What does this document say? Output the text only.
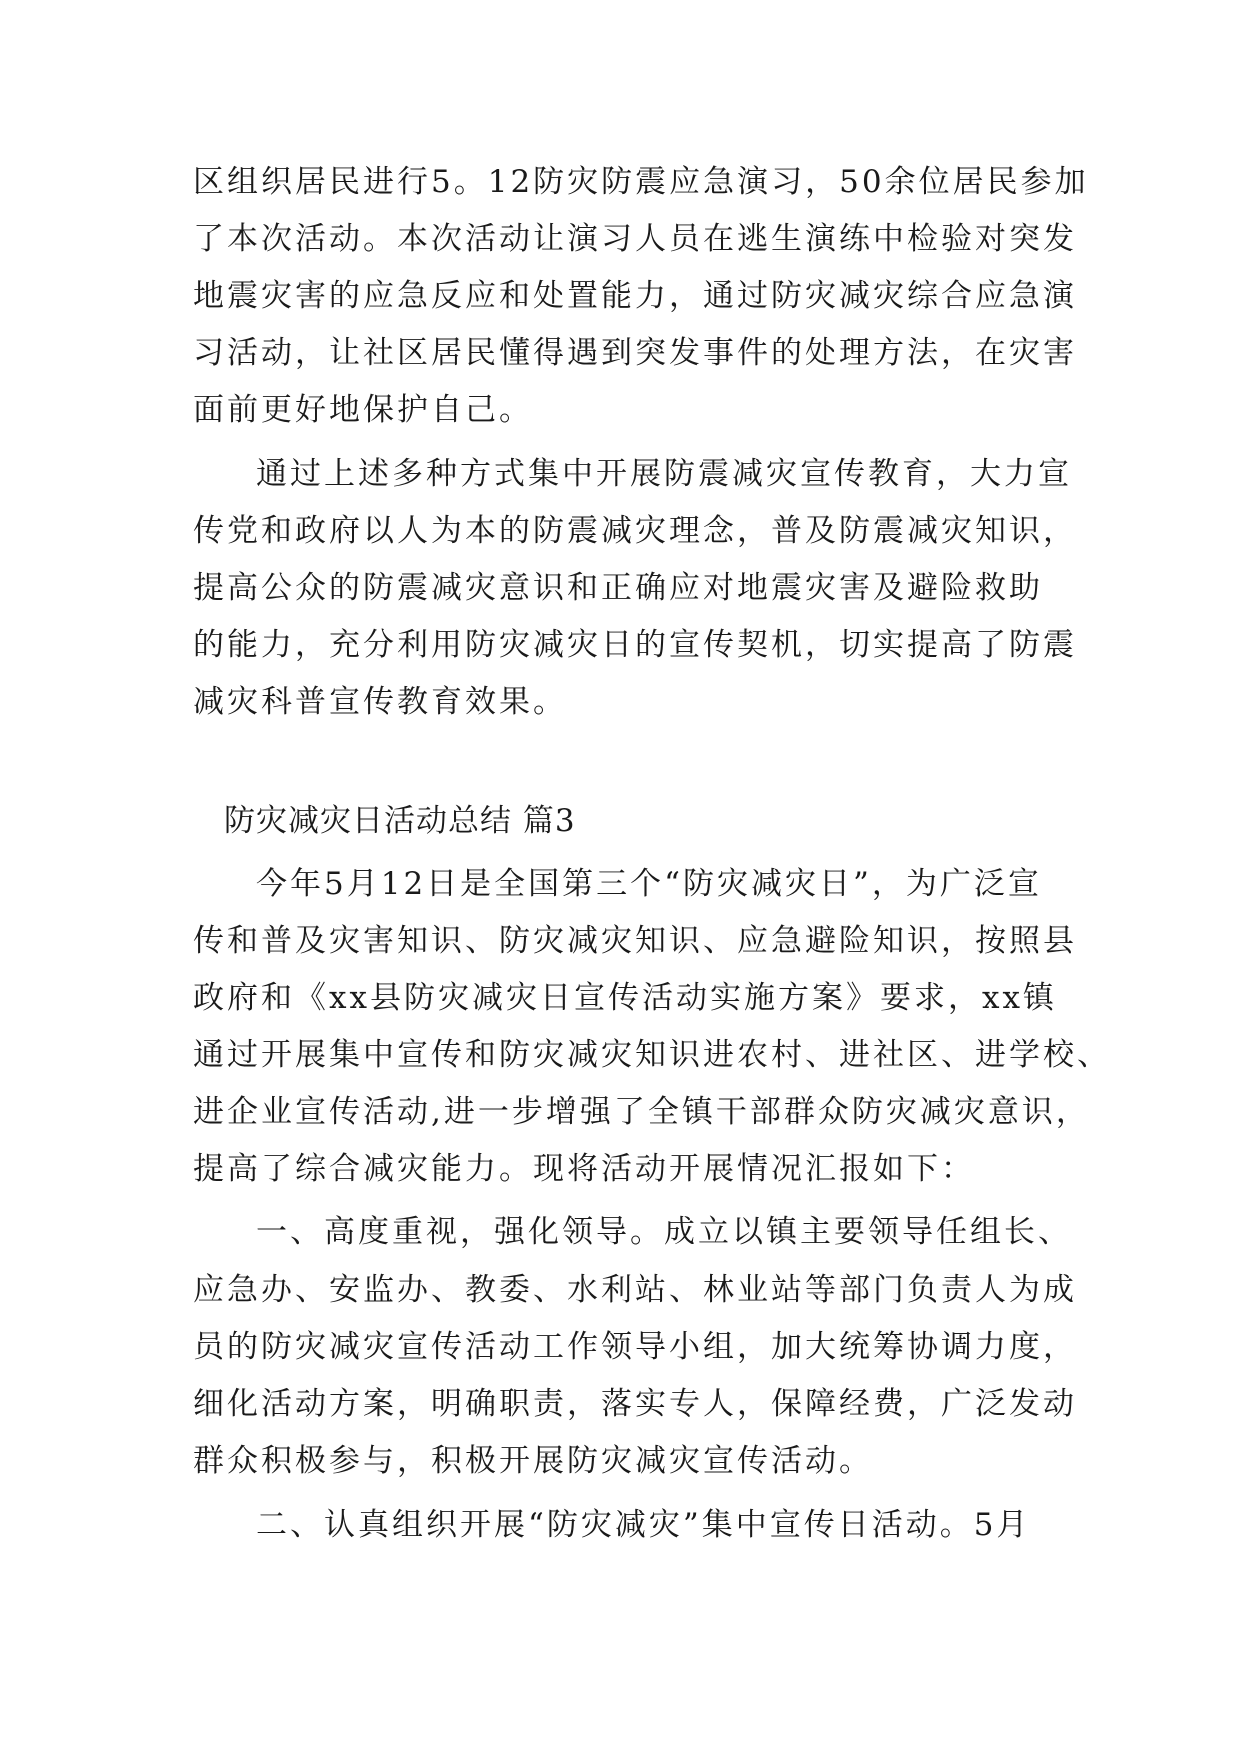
区组织居民进行5。12防灾防震应急演习，50余位居民参加
了本次活动。本次活动让演习人员在逃生演练中检验对突发
地震灾害的应急反应和处置能力，通过防灾减灾综合应急演
习活动，让社区居民懂得遇到突发事件的处理方法，在灾害
面前更好地保护自己。
通过上述多种方式集中开展防震减灾宣传教育，大力宣
传党和政府以人为本的防震减灾理念，普及防震减灾知识，
提高公众的防震减灾意识和正确应对地震灾害及避险救助
的能力，充分利用防灾减灾日的宣传契机，切实提高了防震
减灾科普宣传教育效果。
防灾减灾日活动总结 篇3
今年5月12日是全国第三个“防灾减灾日”，为广泛宣
传和普及灾害知识、防灾减灾知识、应急避险知识，按照县
政府和《xx县防灾减灾日宣传活动实施方案》要求，xx镇
通过开展集中宣传和防灾减灾知识进农村、进社区、进学校、
进企业宣传活动,进一步增强了全镇干部群众防灾减灾意识，
提高了综合减灾能力。现将活动开展情况汇报如下：
一、高度重视，强化领导。成立以镇主要领导任组长、
应急办、安监办、教委、水利站、林业站等部门负责人为成
员的防灾减灾宣传活动工作领导小组，加大统筹协调力度，
细化活动方案，明确职责，落实专人，保障经费，广泛发动
群众积极参与，积极开展防灾减灾宣传活动。
二、认真组织开展“防灾减灾”集中宣传日活动。5月
